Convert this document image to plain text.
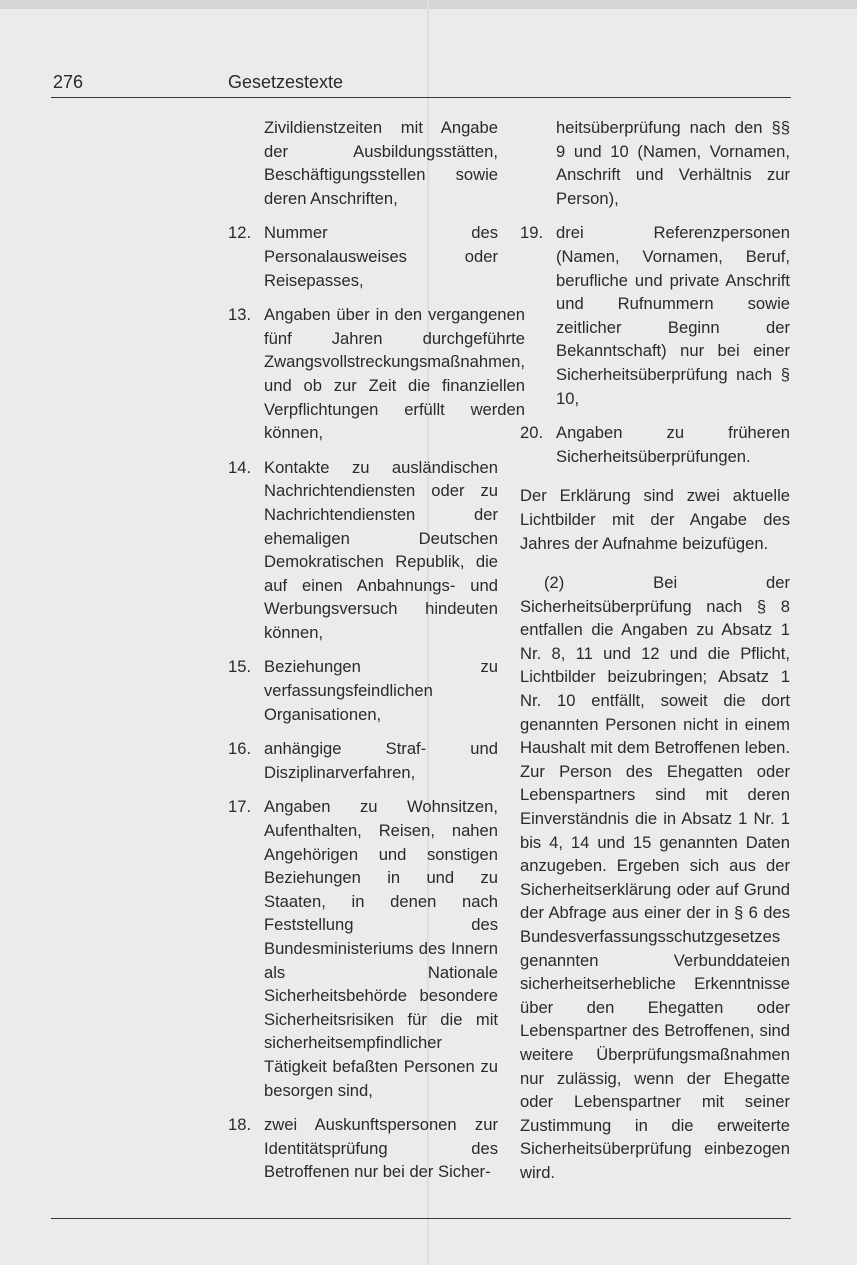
276	Gesetzestexte
Zivildienstzeiten mit Angabe der Ausbildungsstätten, Beschäftigungsstellen sowie deren Anschriften,
12. Nummer des Personalausweises oder Reisepasses,
13. Angaben über in den vergangenen fünf Jahren durchgeführte Zwangsvollstreckungsmaßnahmen, und ob zur Zeit die finanziellen Verpflichtungen erfüllt werden können,
14. Kontakte zu ausländischen Nachrichtendiensten oder zu Nachrichtendiensten der ehemaligen Deutschen Demokratischen Republik, die auf einen Anbahnungs- und Werbungsversuch hindeuten können,
15. Beziehungen zu verfassungsfeindlichen Organisationen,
16. anhängige Straf- und Disziplinarverfahren,
17. Angaben zu Wohnsitzen, Aufenthalten, Reisen, nahen Angehörigen und sonstigen Beziehungen in und zu Staaten, in denen nach Feststellung des Bundesministeriums des Innern als Nationale Sicherheitsbehörde besondere Sicherheitsrisiken für die mit sicherheitsempfindlicher Tätigkeit befaßten Personen zu besorgen sind,
18. zwei Auskunftspersonen zur Identitätsprüfung des Betroffenen nur bei der Sicher-
heitsüberprüfung nach den §§ 9 und 10 (Namen, Vornamen, Anschrift und Verhältnis zur Person),
19. drei Referenzpersonen (Namen, Vornamen, Beruf, berufliche und private Anschrift und Rufnummern sowie zeitlicher Beginn der Bekanntschaft) nur bei einer Sicherheitsüberprüfung nach § 10,
20. Angaben zu früheren Sicherheitsüberprüfungen.

Der Erklärung sind zwei aktuelle Lichtbilder mit der Angabe des Jahres der Aufnahme beizufügen.

(2) Bei der Sicherheitsüberprüfung nach § 8 entfallen die Angaben zu Absatz 1 Nr. 8, 11 und 12 und die Pflicht, Lichtbilder beizubringen; Absatz 1 Nr. 10 entfällt, soweit die dort genannten Personen nicht in einem Haushalt mit dem Betroffenen leben. Zur Person des Ehegatten oder Lebenspartners sind mit deren Einverständnis die in Absatz 1 Nr. 1 bis 4, 14 und 15 genannten Daten anzugeben. Ergeben sich aus der Sicherheitserklärung oder auf Grund der Abfrage aus einer der in § 6 des Bundesverfassungsschutzgesetzes genannten Verbunddateien sicherheitserhebliche Erkenntnisse über den Ehegatten oder Lebenspartner des Betroffenen, sind weitere Überprüfungsmaßnahmen nur zulässig, wenn der Ehegatte oder Lebenspartner mit seiner Zustimmung in die erweiterte Sicherheitsüberprüfung einbezogen wird.
